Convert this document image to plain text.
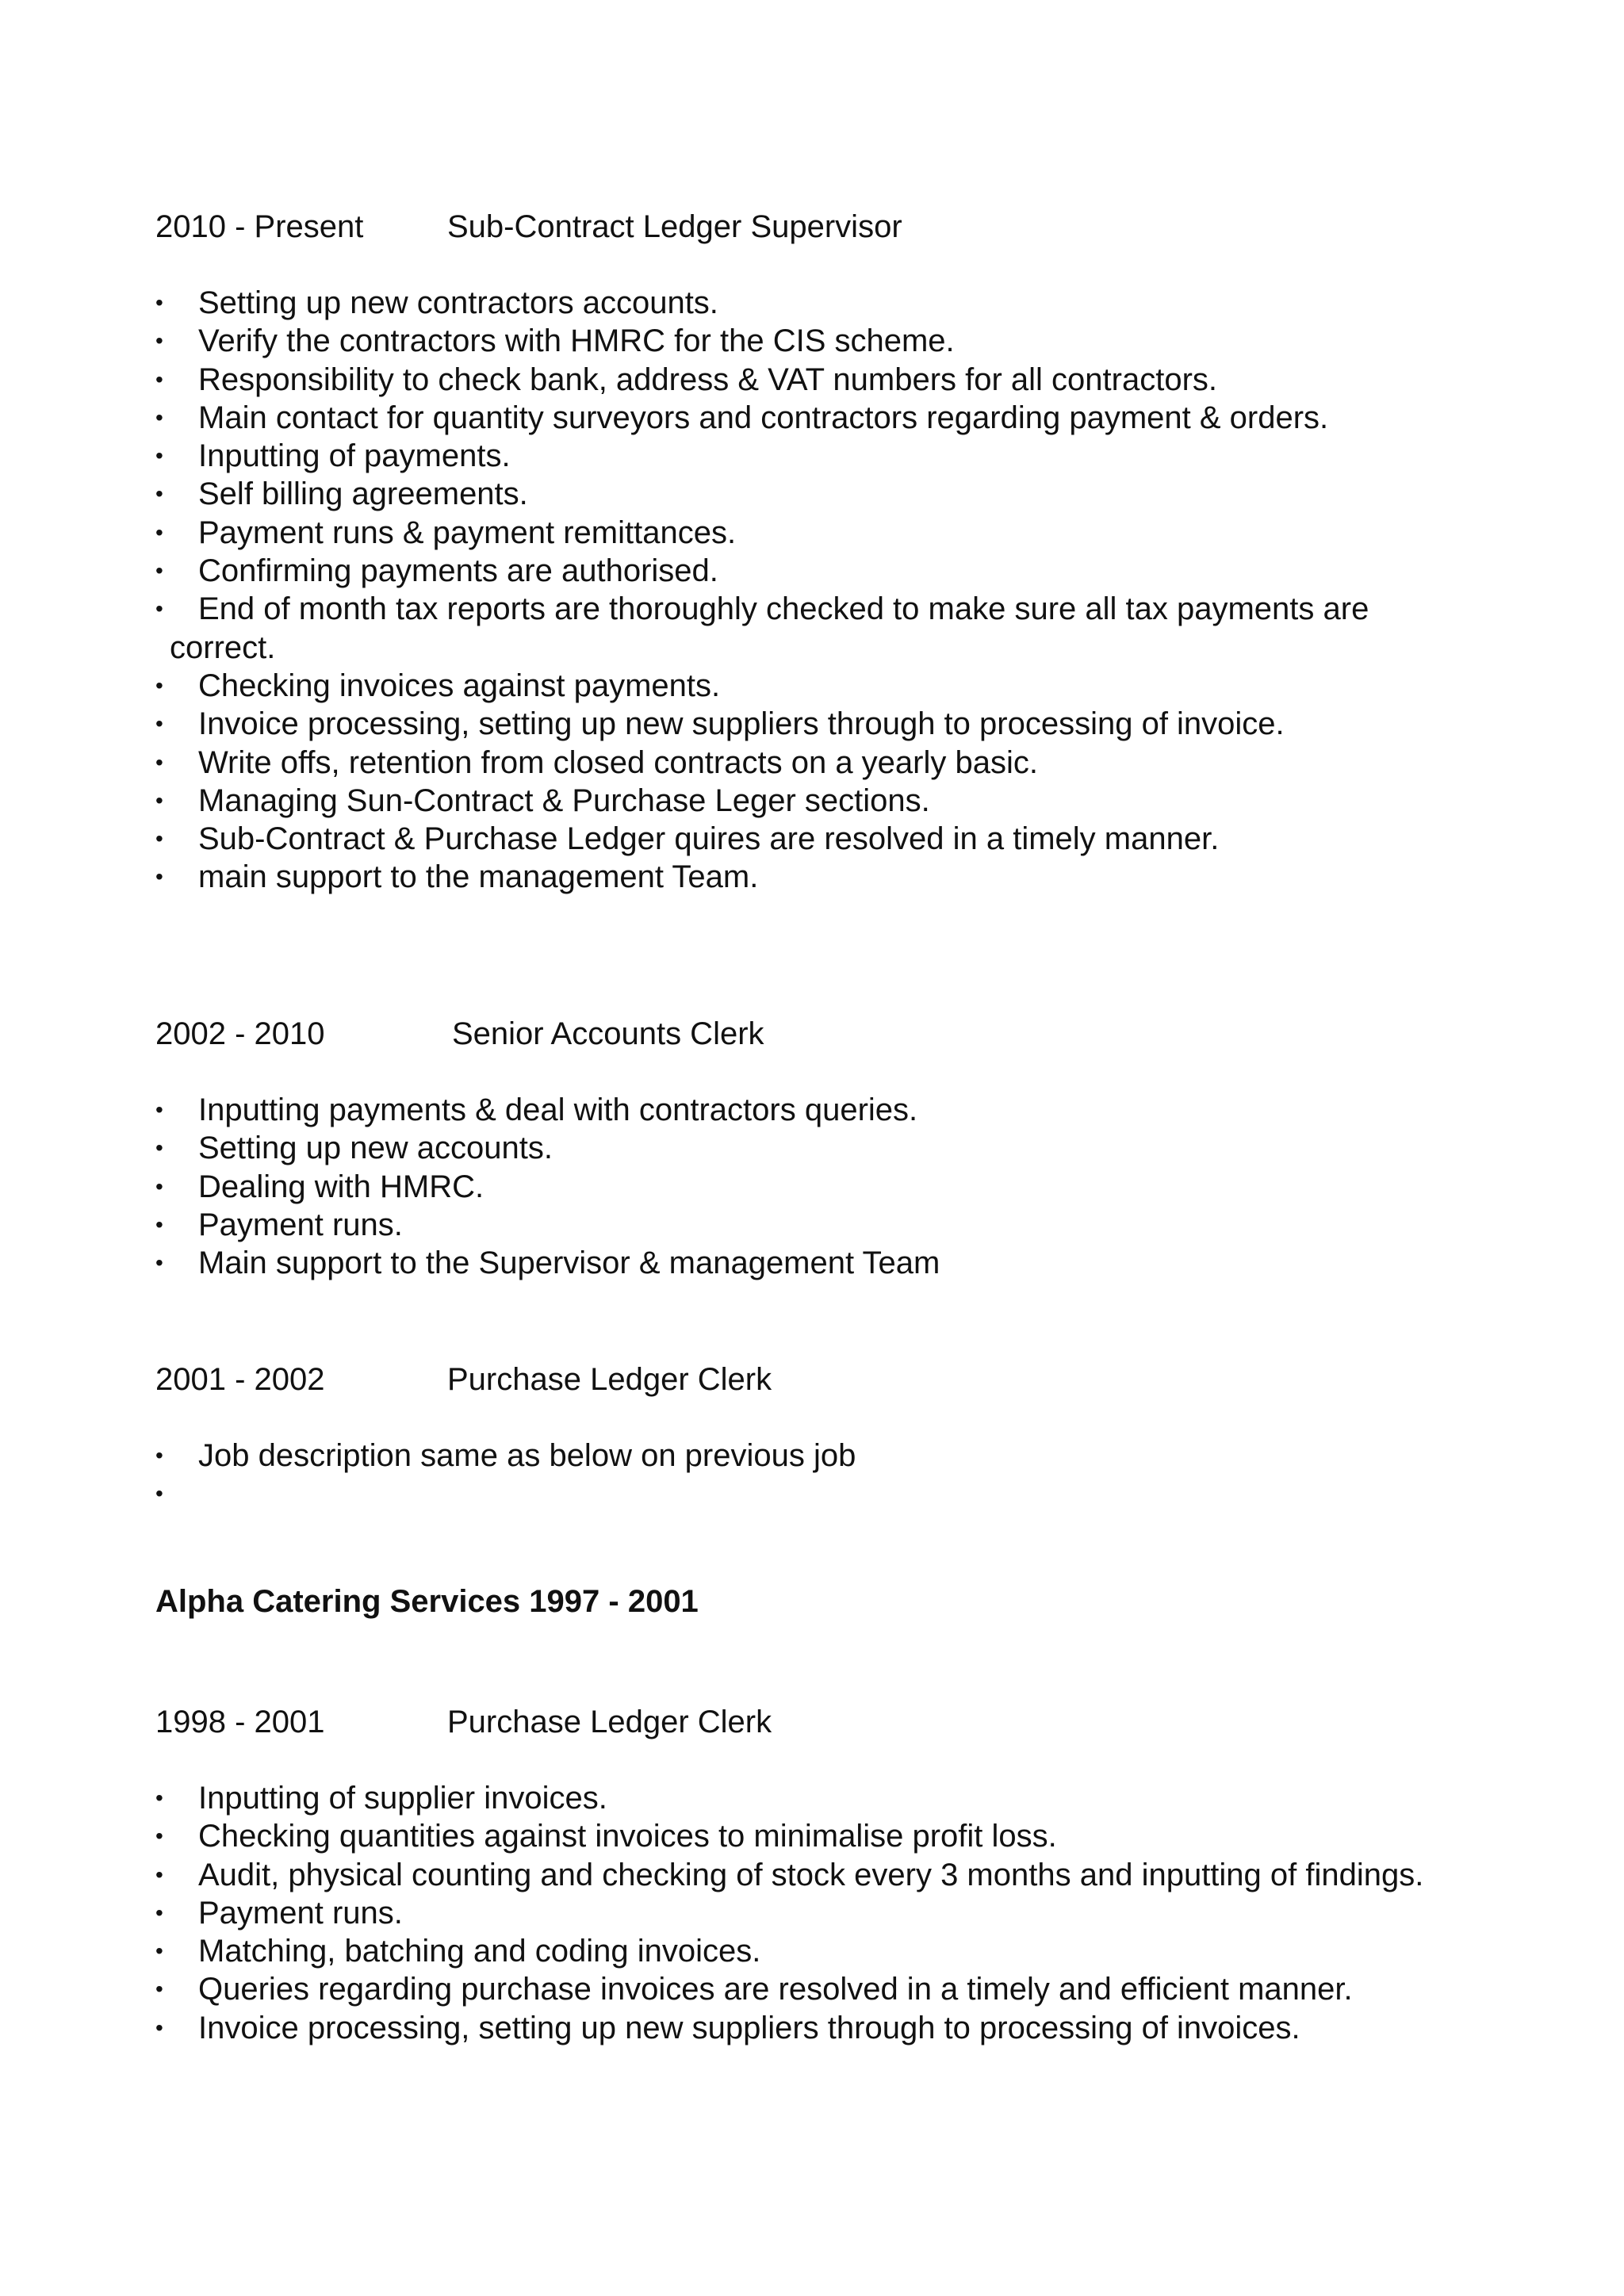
2010 - Present	Sub-Contract Ledger Supervisor
• Setting up new contractors accounts.
• Verify the contractors with HMRC for the CIS scheme.
• Responsibility to check bank, address & VAT numbers for all contractors.
• Main contact for quantity surveyors and contractors regarding payment & orders.
• Inputting of payments.
• Self billing agreements.
• Payment runs & payment remittances.
• Confirming payments are authorised.
• End of month tax reports are thoroughly checked to make sure all tax payments are
correct.
• Checking invoices against payments.
• Invoice processing, setting up new suppliers through to processing of invoice.
• Write offs, retention from closed contracts on a yearly basic.
• Managing Sun-Contract & Purchase Leger sections.
• Sub-Contract & Purchase Ledger quires are resolved in a timely manner.
• main support to the management Team.
2002 - 2010	Senior Accounts Clerk
• Inputting payments & deal with contractors queries.
• Setting up new accounts.
• Dealing with HMRC.
• Payment runs.
• Main support to the Supervisor & management Team
2001 - 2002	Purchase Ledger Clerk
• Job description same as below on previous job
•
Alpha Catering Services 1997 - 2001
1998 - 2001	Purchase Ledger Clerk
• Inputting of supplier invoices.
• Checking quantities against invoices to minimalise profit loss.
• Audit, physical counting and checking of stock every 3 months and inputting of findings.
• Payment runs.
• Matching, batching and coding invoices.
• Queries regarding purchase invoices are resolved in a timely and efficient manner.
• Invoice processing, setting up new suppliers through to processing of invoices.
